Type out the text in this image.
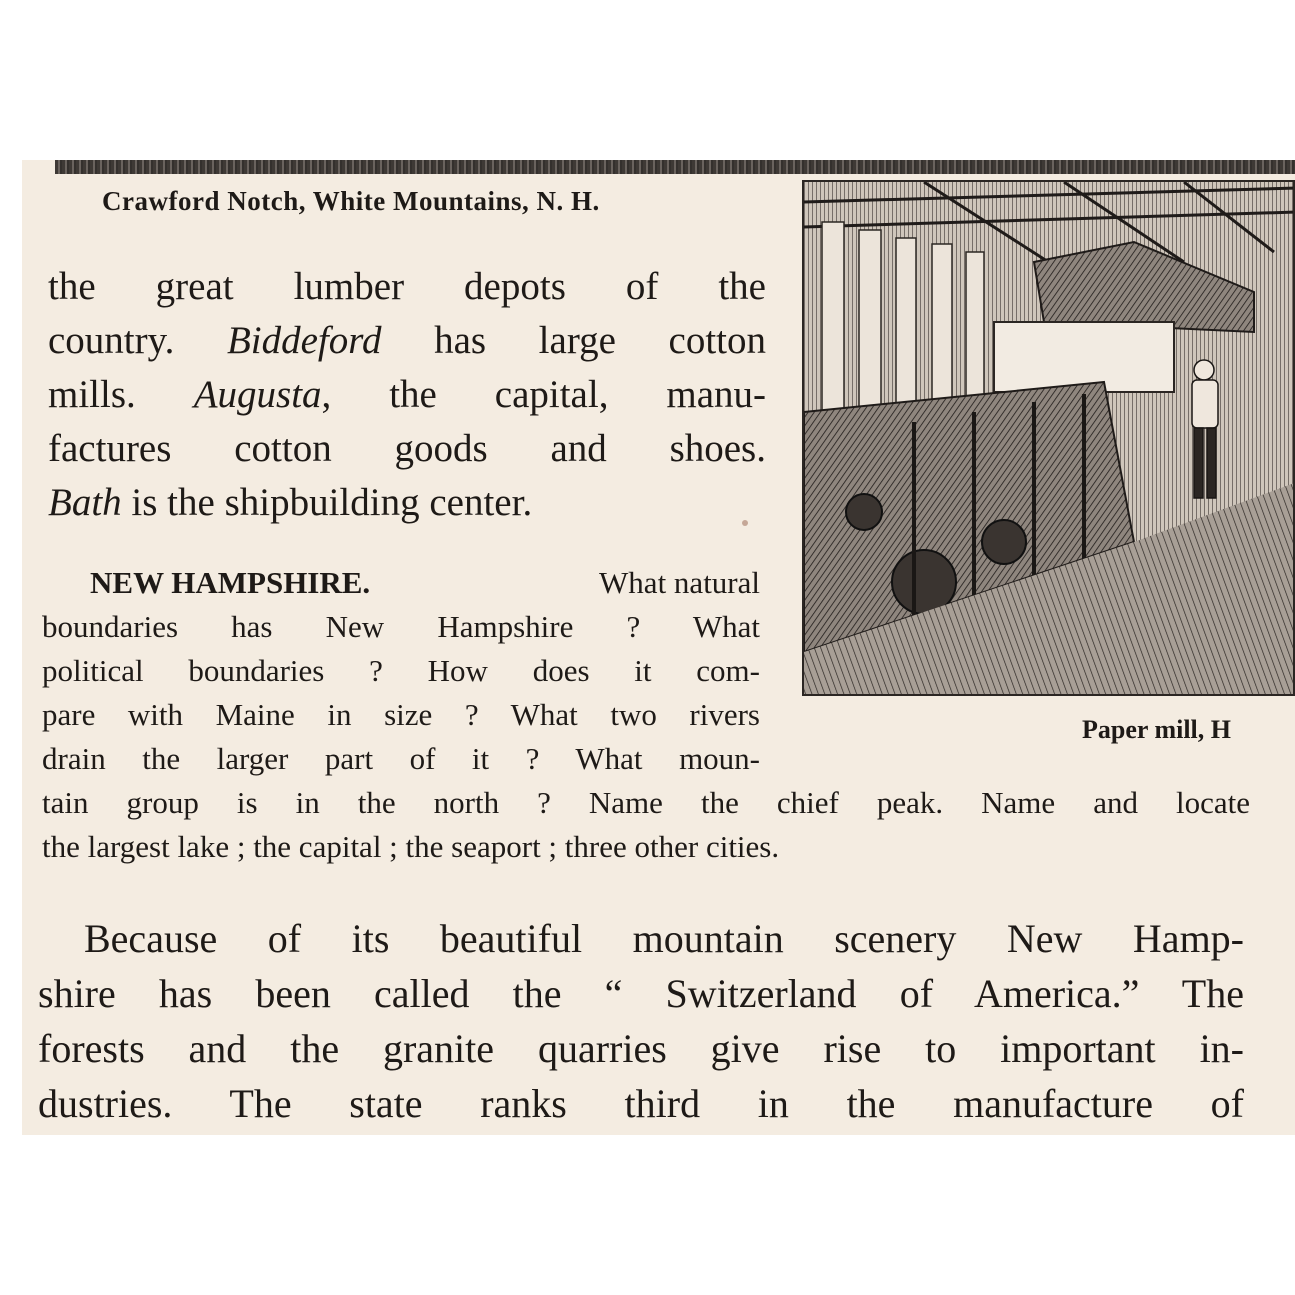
Crawford Notch, White Mountains, N. H.
Paper mill, H
the great lumber depots of the
country. Biddeford has large cotton
mills. Augusta, the capital, manu-
factures cotton goods and shoes.
Bath is the shipbuilding center.
NEW HAMPSHIRE.	What natural
boundaries has New Hampshire ? What
political boundaries ? How does it com-
pare with Maine in size ? What two rivers
drain the larger part of it ? What moun-
tain group is in the north ? Name the chief peak. Name and locate
the largest lake ; the capital ; the seaport ; three other cities.
Because of its beautiful mountain scenery New Hamp-
shire has been called the “ Switzerland of America.” The
forests and the granite quarries give rise to important in-
dustries. The state ranks third in the manufacture of
